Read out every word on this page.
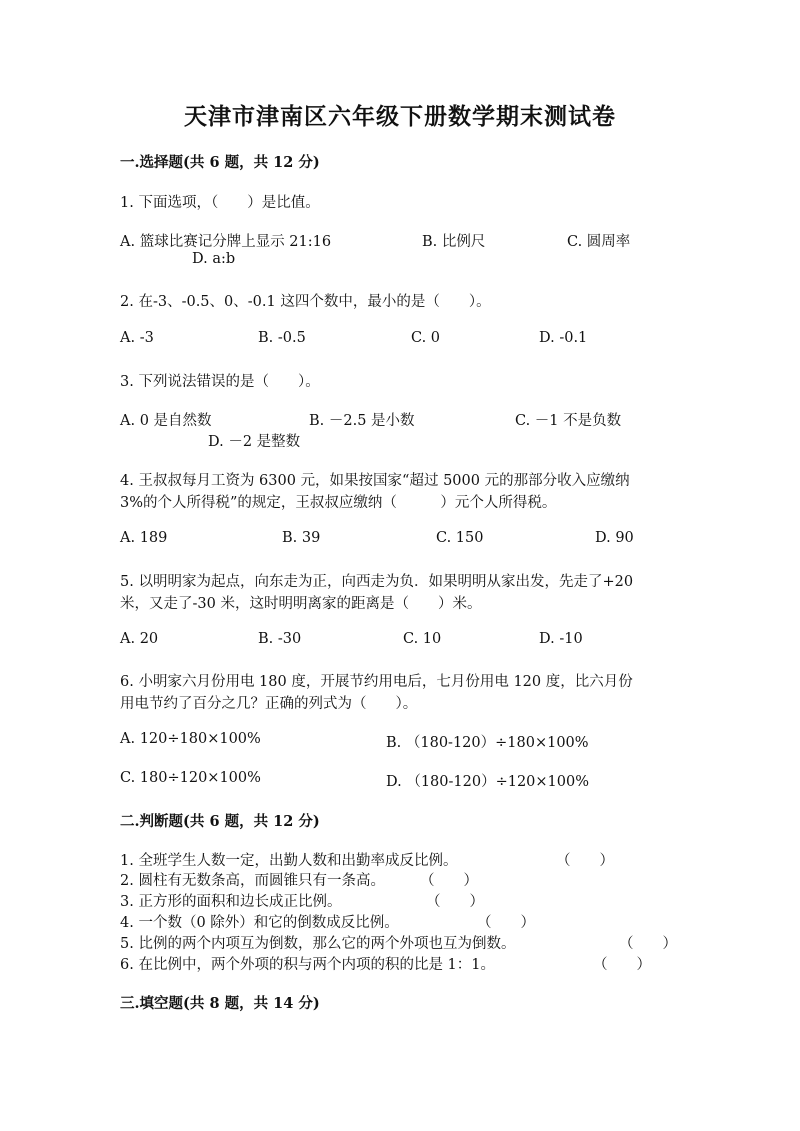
天津市津南区六年级下册数学期末测试卷
一.选择题(共 6 题，共 12 分)
1. 下面选项，（　　）是比值。
A. 篮球比赛记分牌上显示 21:16	B. 比例尺	C. 圆周率
D. a:b
2. 在-3、-0.5、0、-0.1 这四个数中，最小的是（　　）。
A. -3	B. -0.5	C. 0	D. -0.1
3. 下列说法错误的是（　　）。
A. 0 是自然数	B. －2.5 是小数	C. －1 不是负数
D. －2 是整数
4. 王叔叔每月工资为 6300 元，如果按国家“超过 5000 元的那部分收入应缴纳
3%的个人所得税”的规定，王叔叔应缴纳（　　　）元个人所得税。
A. 189	B. 39	C. 150	D. 90
5. 以明明家为起点，向东走为正，向西走为负．如果明明从家出发，先走了+20
米，又走了-30 米，这时明明离家的距离是（　　）米。
A. 20	B. -30	C. 10	D. -10
6. 小明家六月份用电 180 度，开展节约用电后，七月份用电 120 度，比六月份
用电节约了百分之几？正确的列式为（　　）。
A. 120÷180×100%	B. （180-120）÷180×100%
C. 180÷120×100%	D. （180-120）÷120×100%
二.判断题(共 6 题，共 12 分)
1. 全班学生人数一定，出勤人数和出勤率成反比例。	（　　）
2. 圆柱有无数条高，而圆锥只有一条高。 （　　）
3. 正方形的面积和边长成正比例。	（　　）
4. 一个数（0 除外）和它的倒数成反比例。	（　　）
5. 比例的两个内项互为倒数，那么它的两个外项也互为倒数。	（　　）
6. 在比例中，两个外项的积与两个内项的积的比是 1：1。	（　　）
三.填空题(共 8 题，共 14 分)
